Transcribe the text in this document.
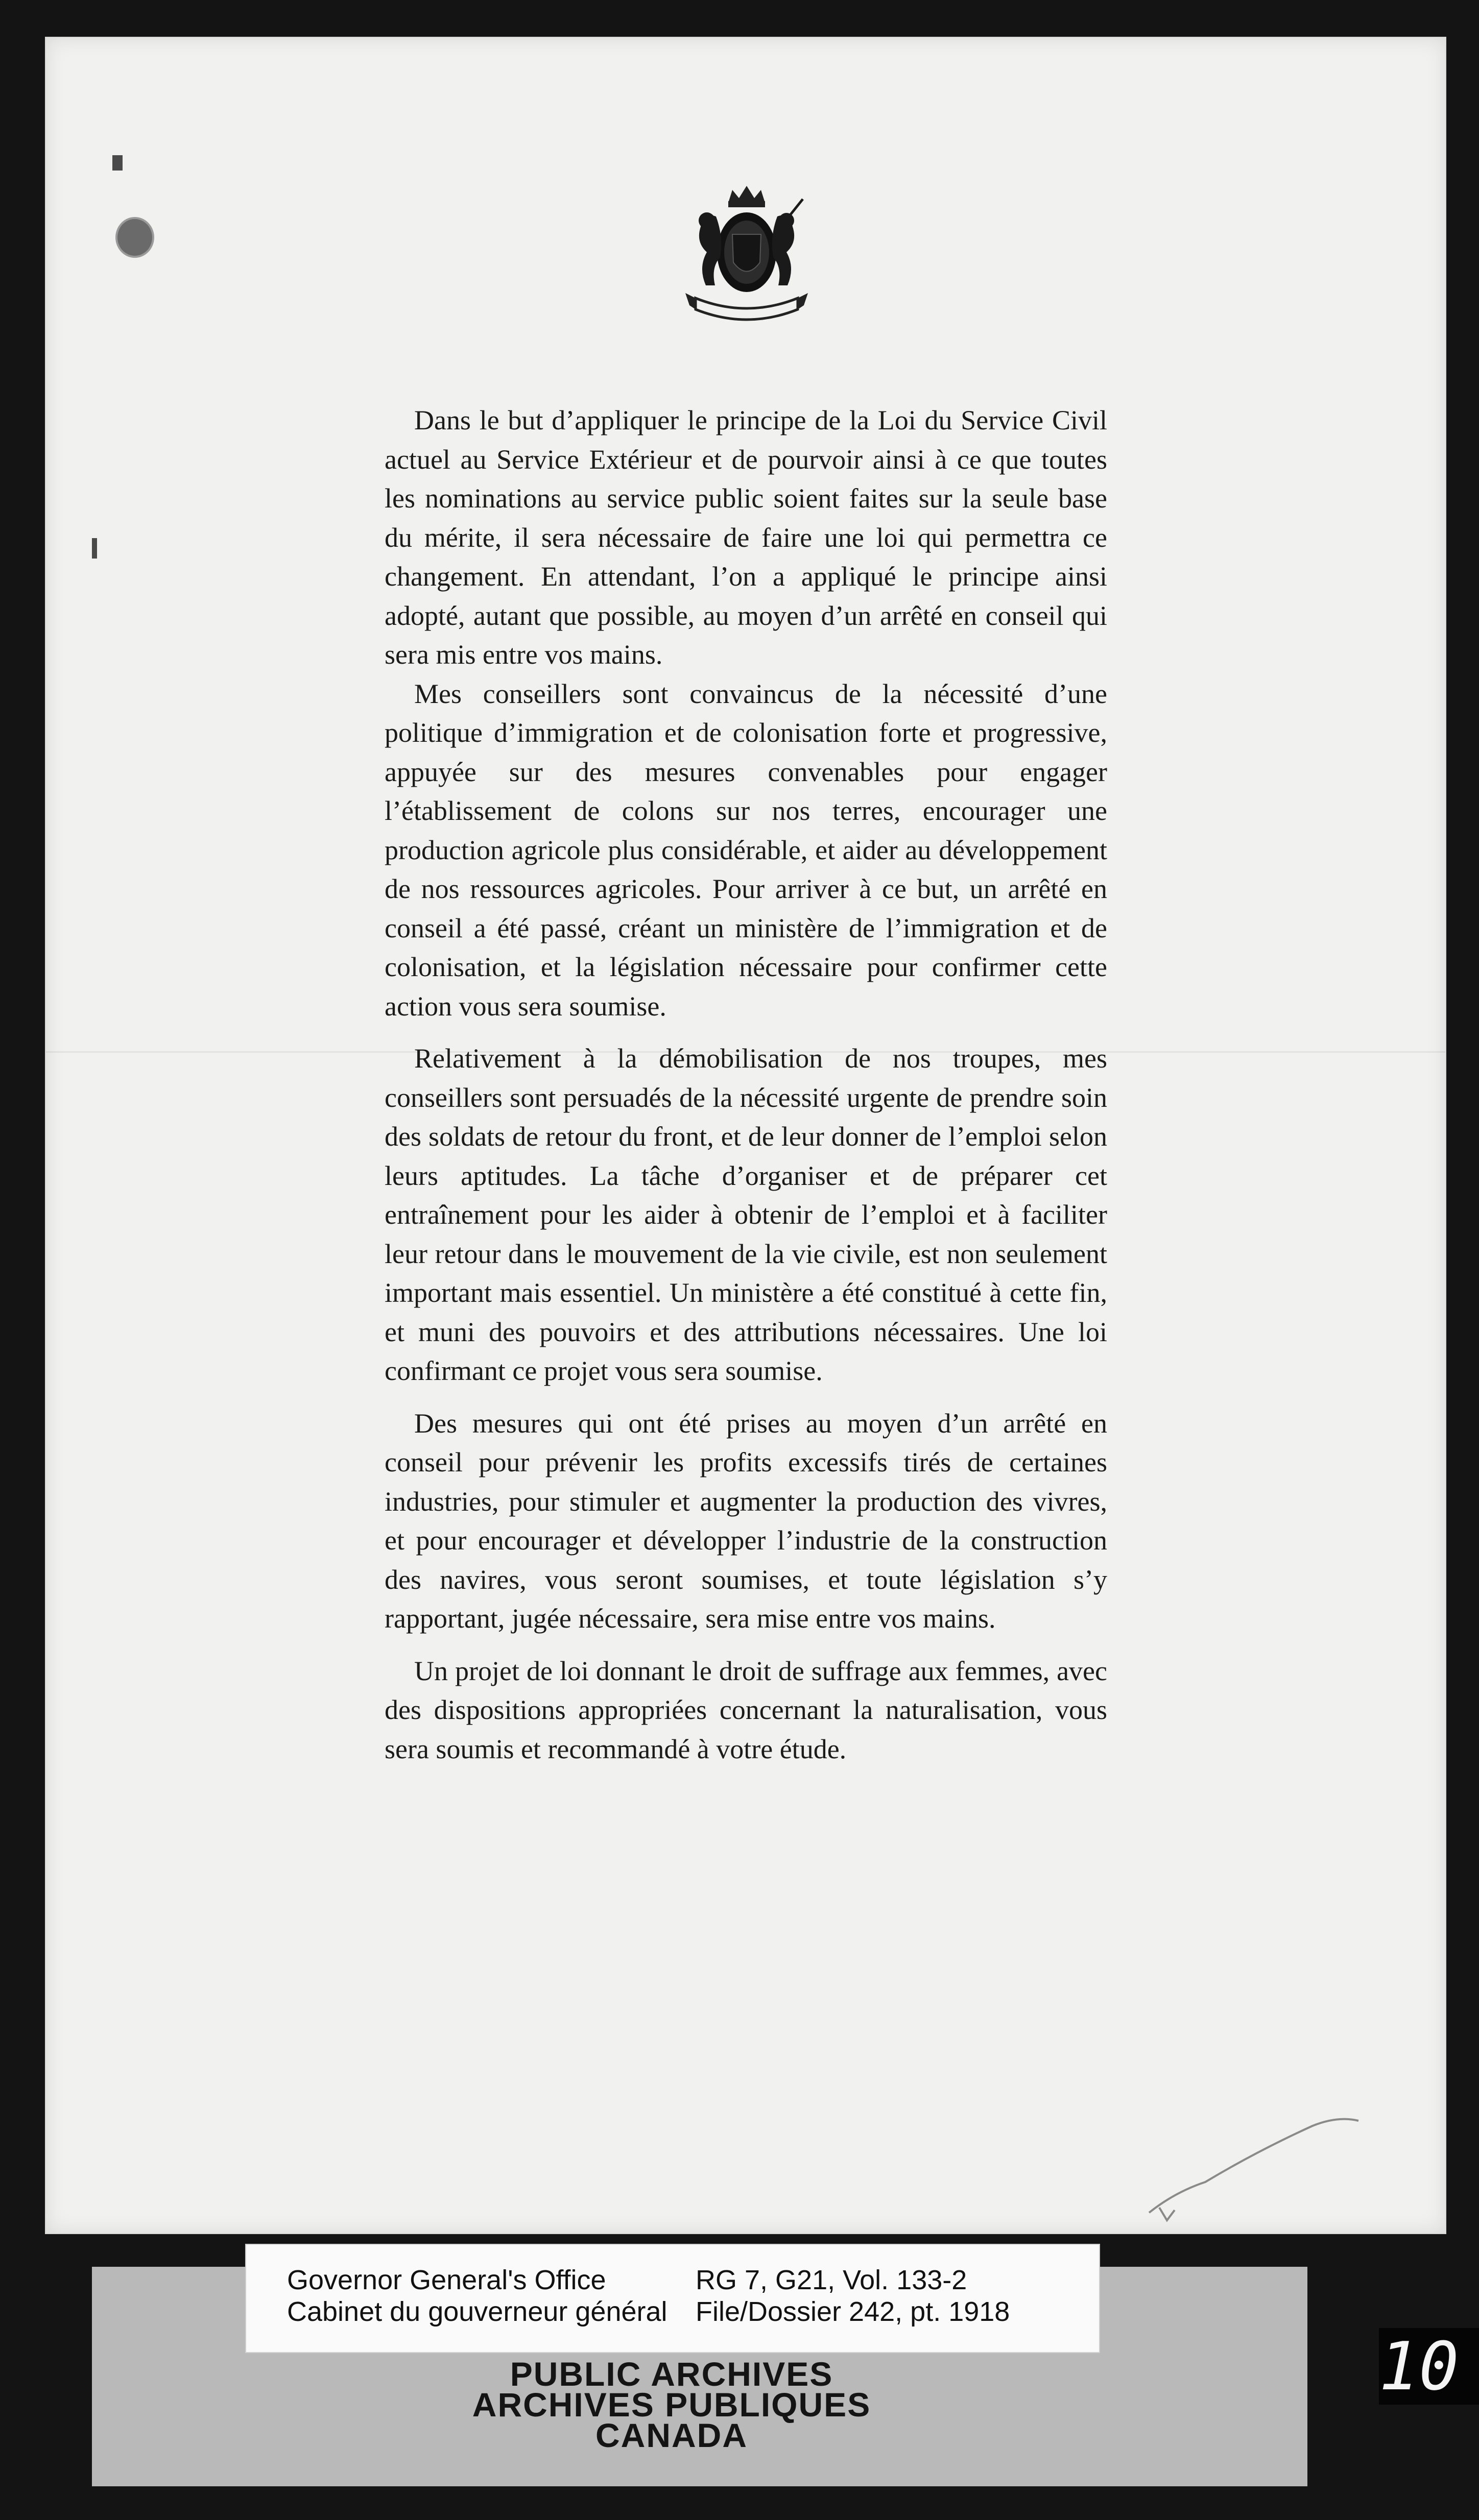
Dans le but d’appliquer le principe de la Loi du Service Civil actuel au Service Extérieur et de pourvoir ainsi à ce que toutes les nominations au service public soient faites sur la seule base du mérite, il sera nécessaire de faire une loi qui permettra ce changement. En attendant, l’on a appliqué le principe ainsi adopté, autant que possible, au moyen d’un arrêté en conseil qui sera mis entre vos mains.

Mes conseillers sont convaincus de la nécessité d’une politique d’immigration et de colonisation forte et progressive, appuyée sur des mesures convenables pour engager l’établissement de colons sur nos terres, encourager une production agricole plus considérable, et aider au développement de nos ressources agricoles. Pour arriver à ce but, un arrêté en conseil a été passé, créant un ministère de l’immigration et de colonisation, et la législation nécessaire pour confirmer cette action vous sera soumise.

Relativement à la démobilisation de nos troupes, mes conseillers sont persuadés de la nécessité urgente de prendre soin des soldats de retour du front, et de leur donner de l’emploi selon leurs aptitudes. La tâche d’organiser et de préparer cet entraînement pour les aider à obtenir de l’emploi et à faciliter leur retour dans le mouvement de la vie civile, est non seulement important mais essentiel. Un ministère a été constitué à cette fin, et muni des pouvoirs et des attributions nécessaires. Une loi confirmant ce projet vous sera soumise.

Des mesures qui ont été prises au moyen d’un arrêté en conseil pour prévenir les profits excessifs tirés de certaines industries, pour stimuler et augmenter la production des vivres, et pour encourager et développer l’industrie de la construction des navires, vous seront soumises, et toute législation s’y rapportant, jugée nécessaire, sera mise entre vos mains.

Un projet de loi donnant le droit de suffrage aux femmes, avec des dispositions appropriées concernant la naturalisation, vous sera soumis et recommandé à votre étude.

Governor General's Office
Cabinet du gouverneur général
RG 7, G21, Vol. 133-2
File/Dossier 242, pt. 1918
PUBLIC ARCHIVES
ARCHIVES PUBLIQUES
CANADA
10
